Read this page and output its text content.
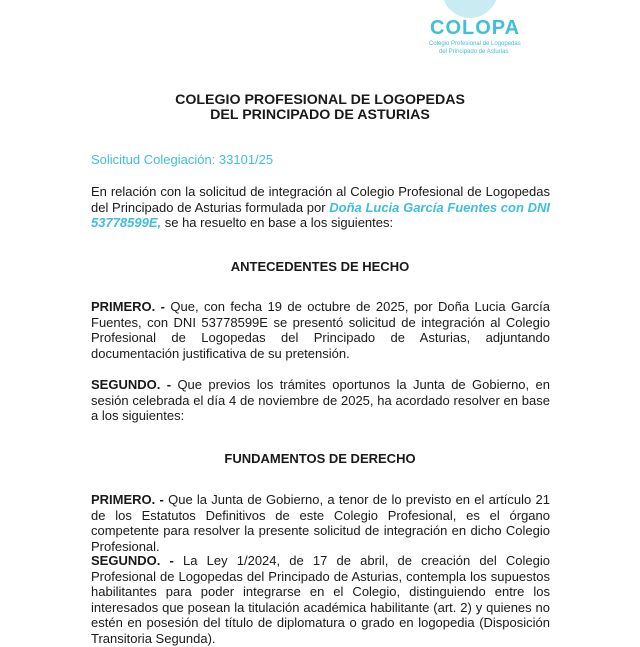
COLOPA
Colegio Profesional de Logopedas
del Principado de Asturias
COLEGIO PROFESIONAL DE LOGOPEDAS
DEL PRINCIPADO DE ASTURIAS
Solicitud Colegiación: 33101/25
En relación con la solicitud de integración al Colegio Profesional de Logopedas del Principado de Asturias formulada por Doña Lucia García Fuentes con DNI 53778599E, se ha resuelto en base a los siguientes:
ANTECEDENTES DE HECHO
PRIMERO. - Que, con fecha 19 de octubre de 2025, por Doña Lucia García Fuentes, con DNI 53778599E se presentó solicitud de integración al Colegio Profesional de Logopedas del Principado de Asturias, adjuntando documentación justificativa de su pretensión.
SEGUNDO. - Que previos los trámites oportunos la Junta de Gobierno, en sesión celebrada el día 4 de noviembre de 2025, ha acordado resolver en base a los siguientes:
FUNDAMENTOS DE DERECHO
PRIMERO. - Que la Junta de Gobierno, a tenor de lo previsto en el artículo 21 de los Estatutos Definitivos de este Colegio Profesional, es el órgano competente para resolver la presente solicitud de integración en dicho Colegio Profesional.
SEGUNDO. - La Ley 1/2024, de 17 de abril, de creación del Colegio Profesional de Logopedas del Principado de Asturias, contempla los supuestos habilitantes para poder integrarse en el Colegio, distinguiendo entre los interesados que posean la titulación académica habilitante (art. 2) y quienes no estén en posesión del título de diplomatura o grado en logopedia (Disposición Transitoria Segunda).
